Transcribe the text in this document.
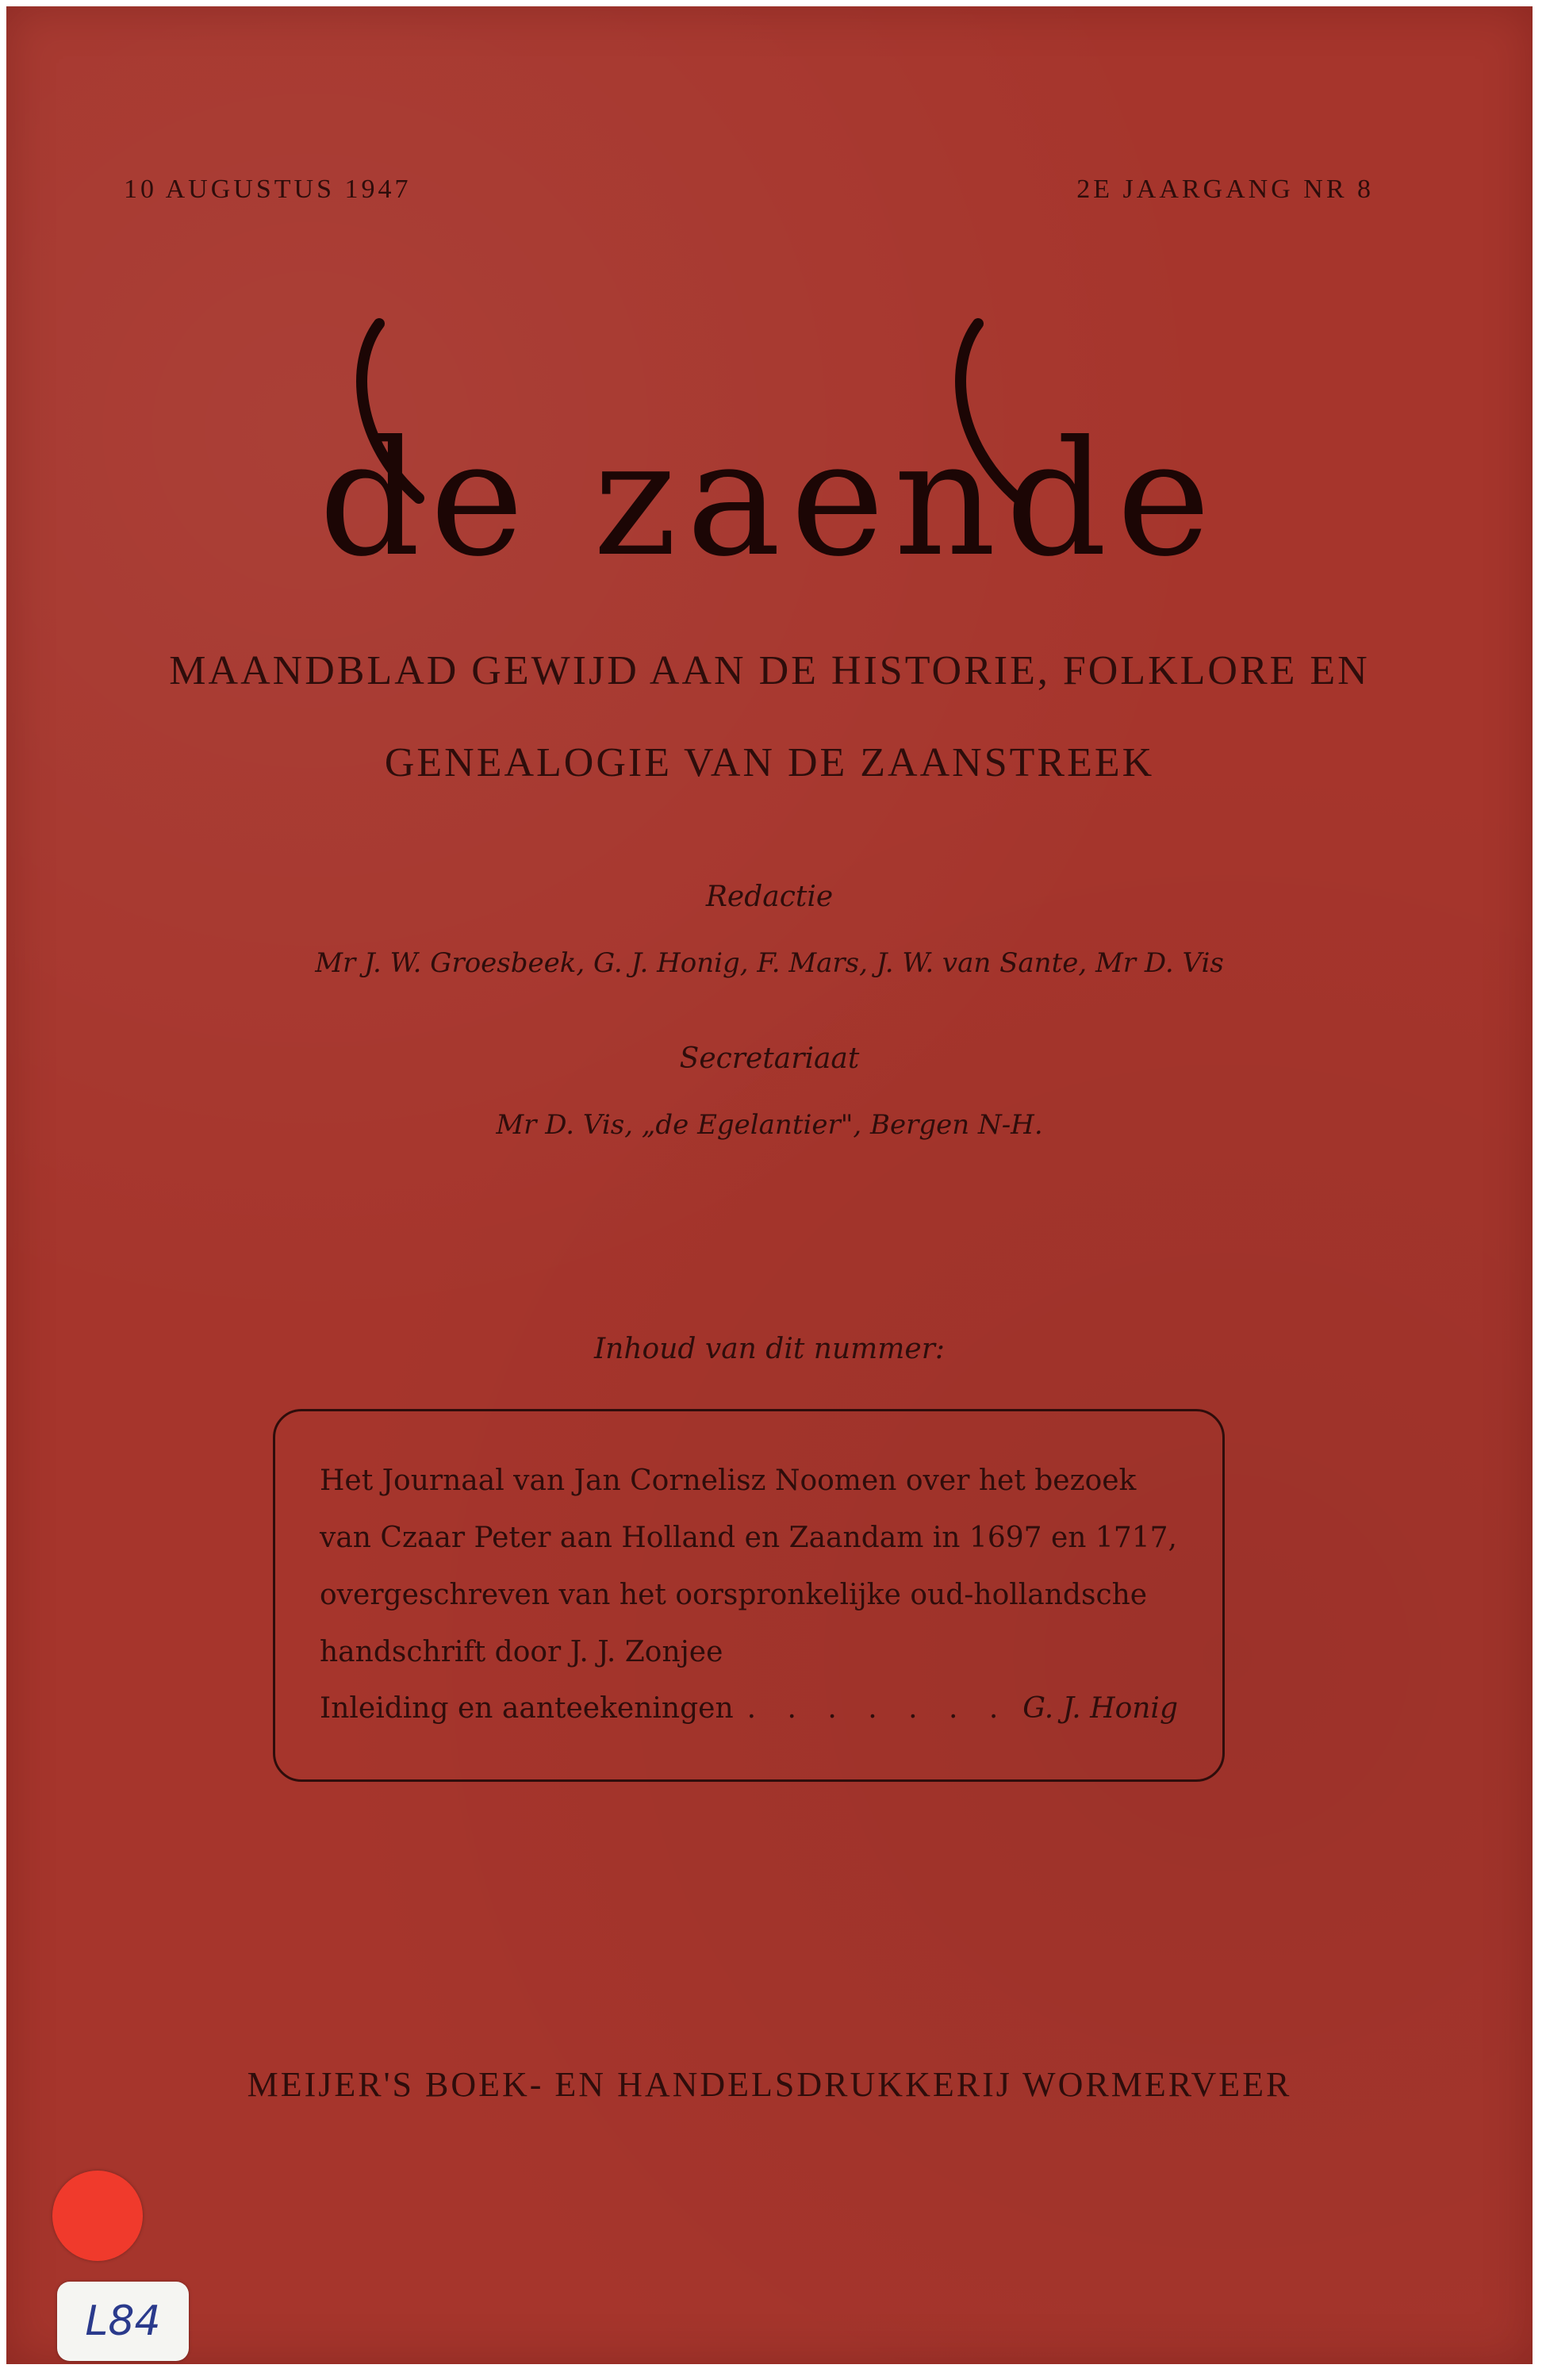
10 AUGUSTUS 1947	2E JAARGANG NR 8
de zaende
MAANDBLAD GEWIJD AAN DE HISTORIE, FOLKLORE EN
GENEALOGIE VAN DE ZAANSTREEK
Redactie
Mr J. W. Groesbeek, G. J. Honig, F. Mars, J. W. van Sante, Mr D. Vis
Secretariaat
Mr D. Vis, „de Egelantier", Bergen N-H.
Inhoud van dit nummer:
Het Journaal van Jan Cornelisz Noomen over het bezoek
van Czaar Peter aan Holland en Zaandam in 1697 en 1717,
overgeschreven van het oorspronkelijke oud-hollandsche
handschrift door J. J. Zonjee
Inleiding en aanteekeningen . . . . . . . G. J. Honig
MEIJER'S BOEK- EN HANDELSDRUKKERIJ WORMERVEER
L84
